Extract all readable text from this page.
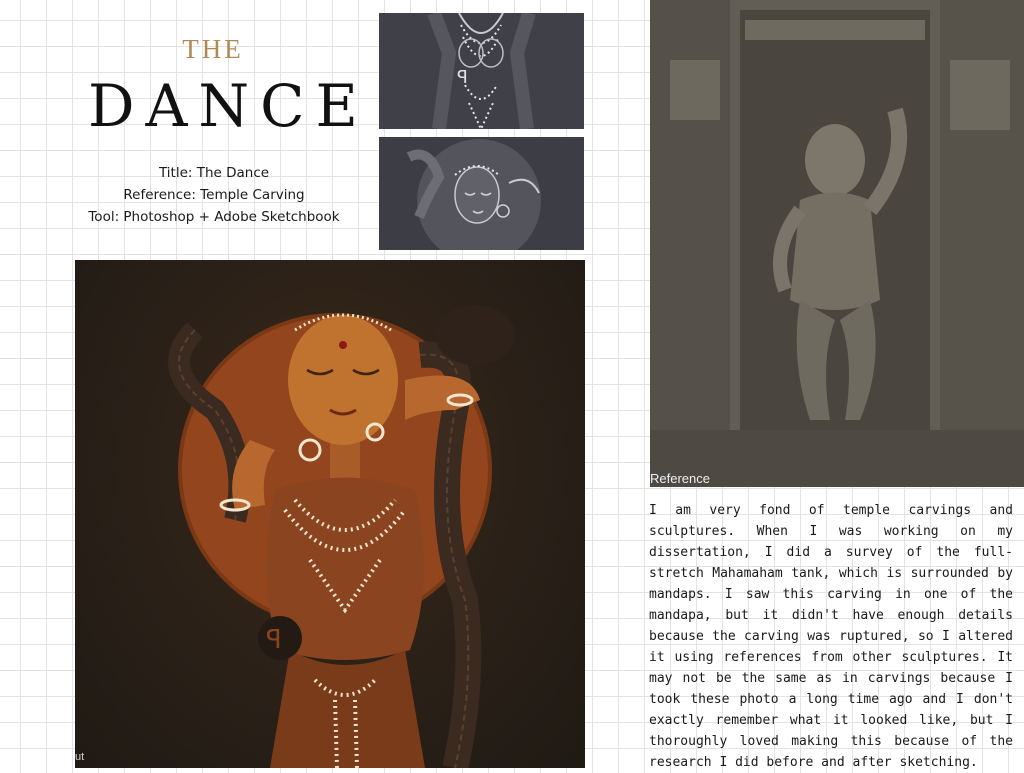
THE
DANCE
Title: The Dance
Reference: Temple Carving
Tool: Photoshop + Adobe Sketchbook
ꟼ
ꟼ
ut
Reference
I am very fond of temple carvings and sculptures. When I was working on my dissertation, I did a survey of the full-stretch Mahamaham tank, which is surrounded by mandaps. I saw this carving in one of the mandapa, but it didn't have enough details because the carving was ruptured, so I altered it using references from other sculptures. It may not be the same as in carvings because I took these photo a long time ago and I don't exactly remember what it looked like, but I thoroughly loved making this because of the research I did before and after sketching.
